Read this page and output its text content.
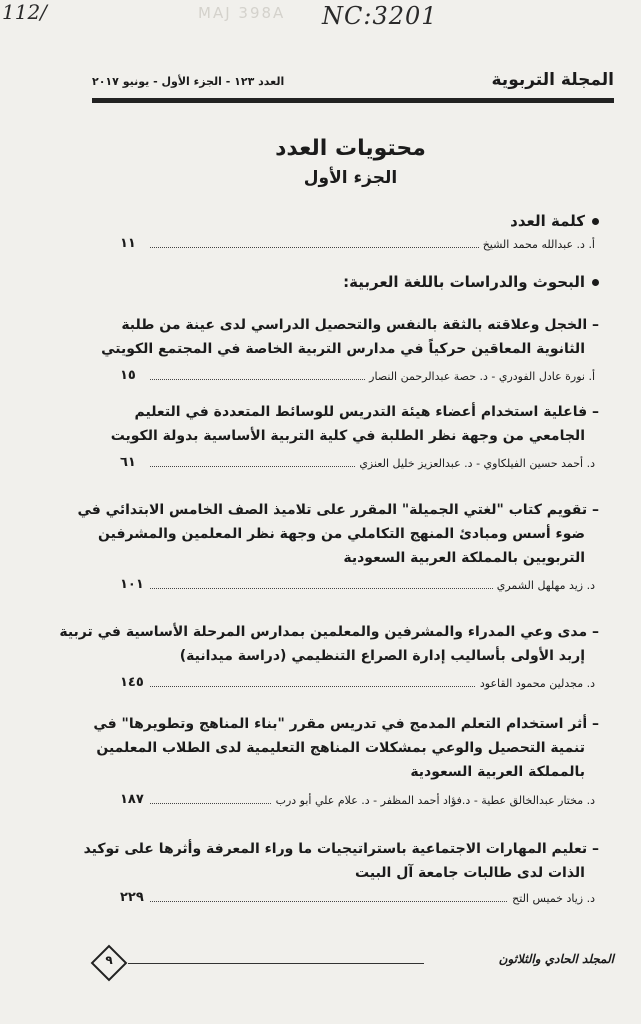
112/	NC:3201
MAJ 398A
المجلة التربوية
العدد ١٢٣ - الجزء الأول - يونيو ٢٠١٧
محتويات العدد
الجزء الأول
كلمة العدد
أ. د. عبدالله محمد الشيخ
١١
البحوث والدراسات باللغة العربية:
– الخجل وعلاقته بالثقة بالنفس والتحصيل الدراسي لدى عينة من طلبة
الثانوية المعاقين حركياً في مدارس التربية الخاصة في المجتمع الكويتي
أ. نورة عادل الفودري - د. حصة عبدالرحمن النصار
١٥
– فاعلية استخدام أعضاء هيئة التدريس للوسائط المتعددة في التعليم
الجامعي من وجهة نظر الطلبة في كلية التربية الأساسية بدولة الكويت
د. أحمد حسين الفيلكاوي - د. عبدالعزيز خليل العنزي
٦١
– تقويم كتاب "لغتي الجميلة" المقرر على تلاميذ الصف الخامس الابتدائي في
ضوء أسس ومبادئ المنهج التكاملي من وجهة نظر المعلمين والمشرفين
التربويين بالمملكة العربية السعودية
د. زيد مهلهل الشمري
١٠١
– مدى وعي المدراء والمشرفين والمعلمين بمدارس المرحلة الأساسية في تربية
إربد الأولى بأساليب إدارة الصراع التنظيمي (دراسة ميدانية)
د. مجدلين محمود القاعود
١٤٥
– أثر استخدام التعلم المدمج في تدريس مقرر "بناء المناهج وتطويرها" في
تنمية التحصيل والوعي بمشكلات المناهج التعليمية لدى الطلاب المعلمين
بالمملكة العربية السعودية
د. مختار عبدالخالق عطية - د.فؤاد أحمد المظفر - د. علام علي أبو درب
١٨٧
– تعليم المهارات الاجتماعية باستراتيجيات ما وراء المعرفة وأثرها على توكيد
الذات لدى طالبات جامعة آل البيت
د. زياد خميس التح
٢٢٩
المجلد الحادي والثلاثون
٩
